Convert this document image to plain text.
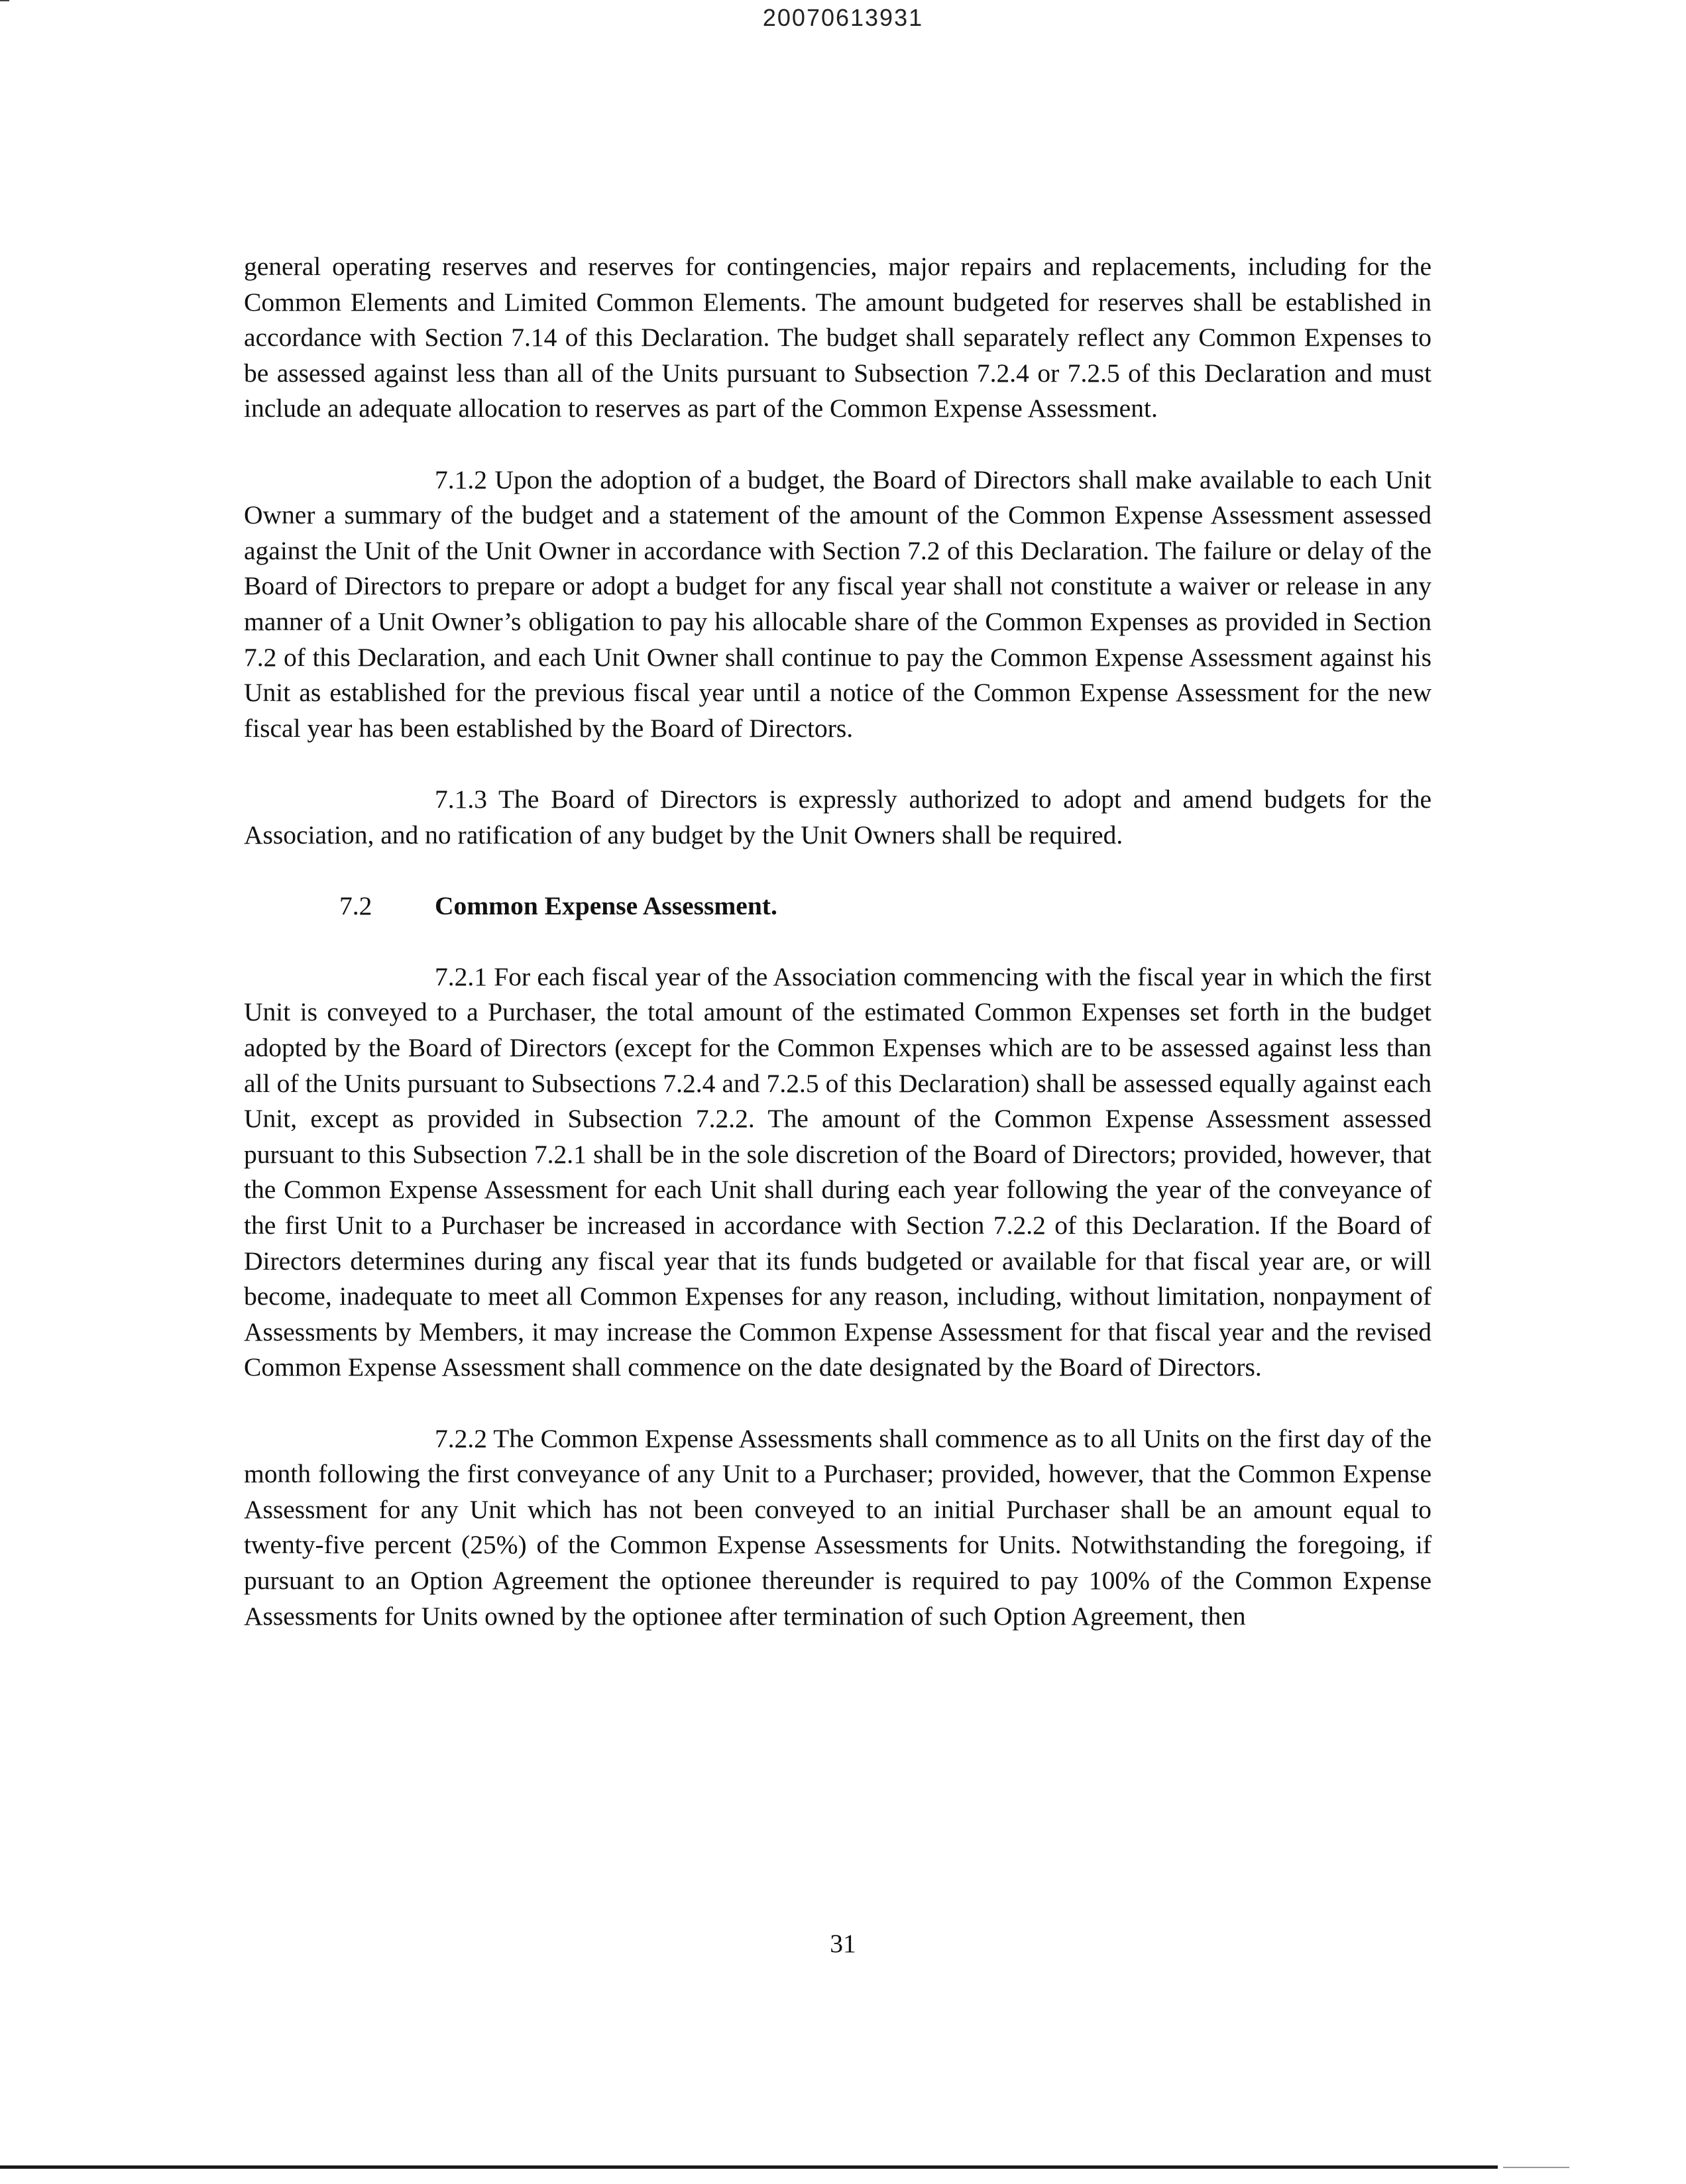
20070613931

general operating reserves and reserves for contingencies, major repairs and replacements, including for the Common Elements and Limited Common Elements. The amount budgeted for reserves shall be established in accordance with Section 7.14 of this Declaration. The budget shall separately reflect any Common Expenses to be assessed against less than all of the Units pursuant to Subsection 7.2.4 or 7.2.5 of this Declaration and must include an adequate allocation to reserves as part of the Common Expense Assessment.

7.1.2 Upon the adoption of a budget, the Board of Directors shall make available to each Unit Owner a summary of the budget and a statement of the amount of the Common Expense Assessment assessed against the Unit of the Unit Owner in accordance with Section 7.2 of this Declaration. The failure or delay of the Board of Directors to prepare or adopt a budget for any fiscal year shall not constitute a waiver or release in any manner of a Unit Owner’s obligation to pay his allocable share of the Common Expenses as provided in Section 7.2 of this Declaration, and each Unit Owner shall continue to pay the Common Expense Assessment against his Unit as established for the previous fiscal year until a notice of the Common Expense Assessment for the new fiscal year has been established by the Board of Directors.

7.1.3 The Board of Directors is expressly authorized to adopt and amend budgets for the Association, and no ratification of any budget by the Unit Owners shall be required.

7.2 Common Expense Assessment.

7.2.1 For each fiscal year of the Association commencing with the fiscal year in which the first Unit is conveyed to a Purchaser, the total amount of the estimated Common Expenses set forth in the budget adopted by the Board of Directors (except for the Common Expenses which are to be assessed against less than all of the Units pursuant to Subsections 7.2.4 and 7.2.5 of this Declaration) shall be assessed equally against each Unit, except as provided in Subsection 7.2.2. The amount of the Common Expense Assessment assessed pursuant to this Subsection 7.2.1 shall be in the sole discretion of the Board of Directors; provided, however, that the Common Expense Assessment for each Unit shall during each year following the year of the conveyance of the first Unit to a Purchaser be increased in accordance with Section 7.2.2 of this Declaration. If the Board of Directors determines during any fiscal year that its funds budgeted or available for that fiscal year are, or will become, inadequate to meet all Common Expenses for any reason, including, without limitation, nonpayment of Assessments by Members, it may increase the Common Expense Assessment for that fiscal year and the revised Common Expense Assessment shall commence on the date designated by the Board of Directors.

7.2.2 The Common Expense Assessments shall commence as to all Units on the first day of the month following the first conveyance of any Unit to a Purchaser; provided, however, that the Common Expense Assessment for any Unit which has not been conveyed to an initial Purchaser shall be an amount equal to twenty-five percent (25%) of the Common Expense Assessments for Units. Notwithstanding the foregoing, if pursuant to an Option Agreement the optionee thereunder is required to pay 100% of the Common Expense Assessments for Units owned by the optionee after termination of such Option Agreement, then

31
